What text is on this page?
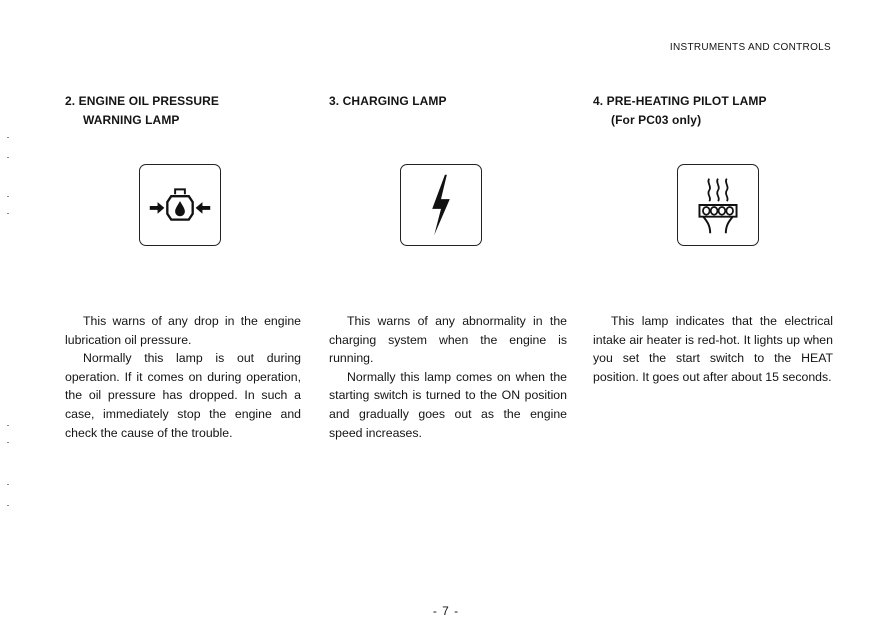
INSTRUMENTS AND CONTROLS
2. ENGINE OIL PRESSURE
WARNING LAMP

This warns of any drop in the engine lubrication oil pressure.

Normally this lamp is out during operation. If it comes on during operation, the oil pressure has dropped. In such a case, immediately stop the engine and check the cause of the trouble.

3. CHARGING LAMP

This warns of any abnormality in the charging system when the engine is running.

Normally this lamp comes on when the starting switch is turned to the ON position and gradually goes out as the engine speed increases.

4. PRE-HEATING PILOT LAMP
(For PC03 only)

This lamp indicates that the electrical intake air heater is red-hot. It lights up when you set the start switch to the HEAT position. It goes out after about 15 seconds.

- 7 -
